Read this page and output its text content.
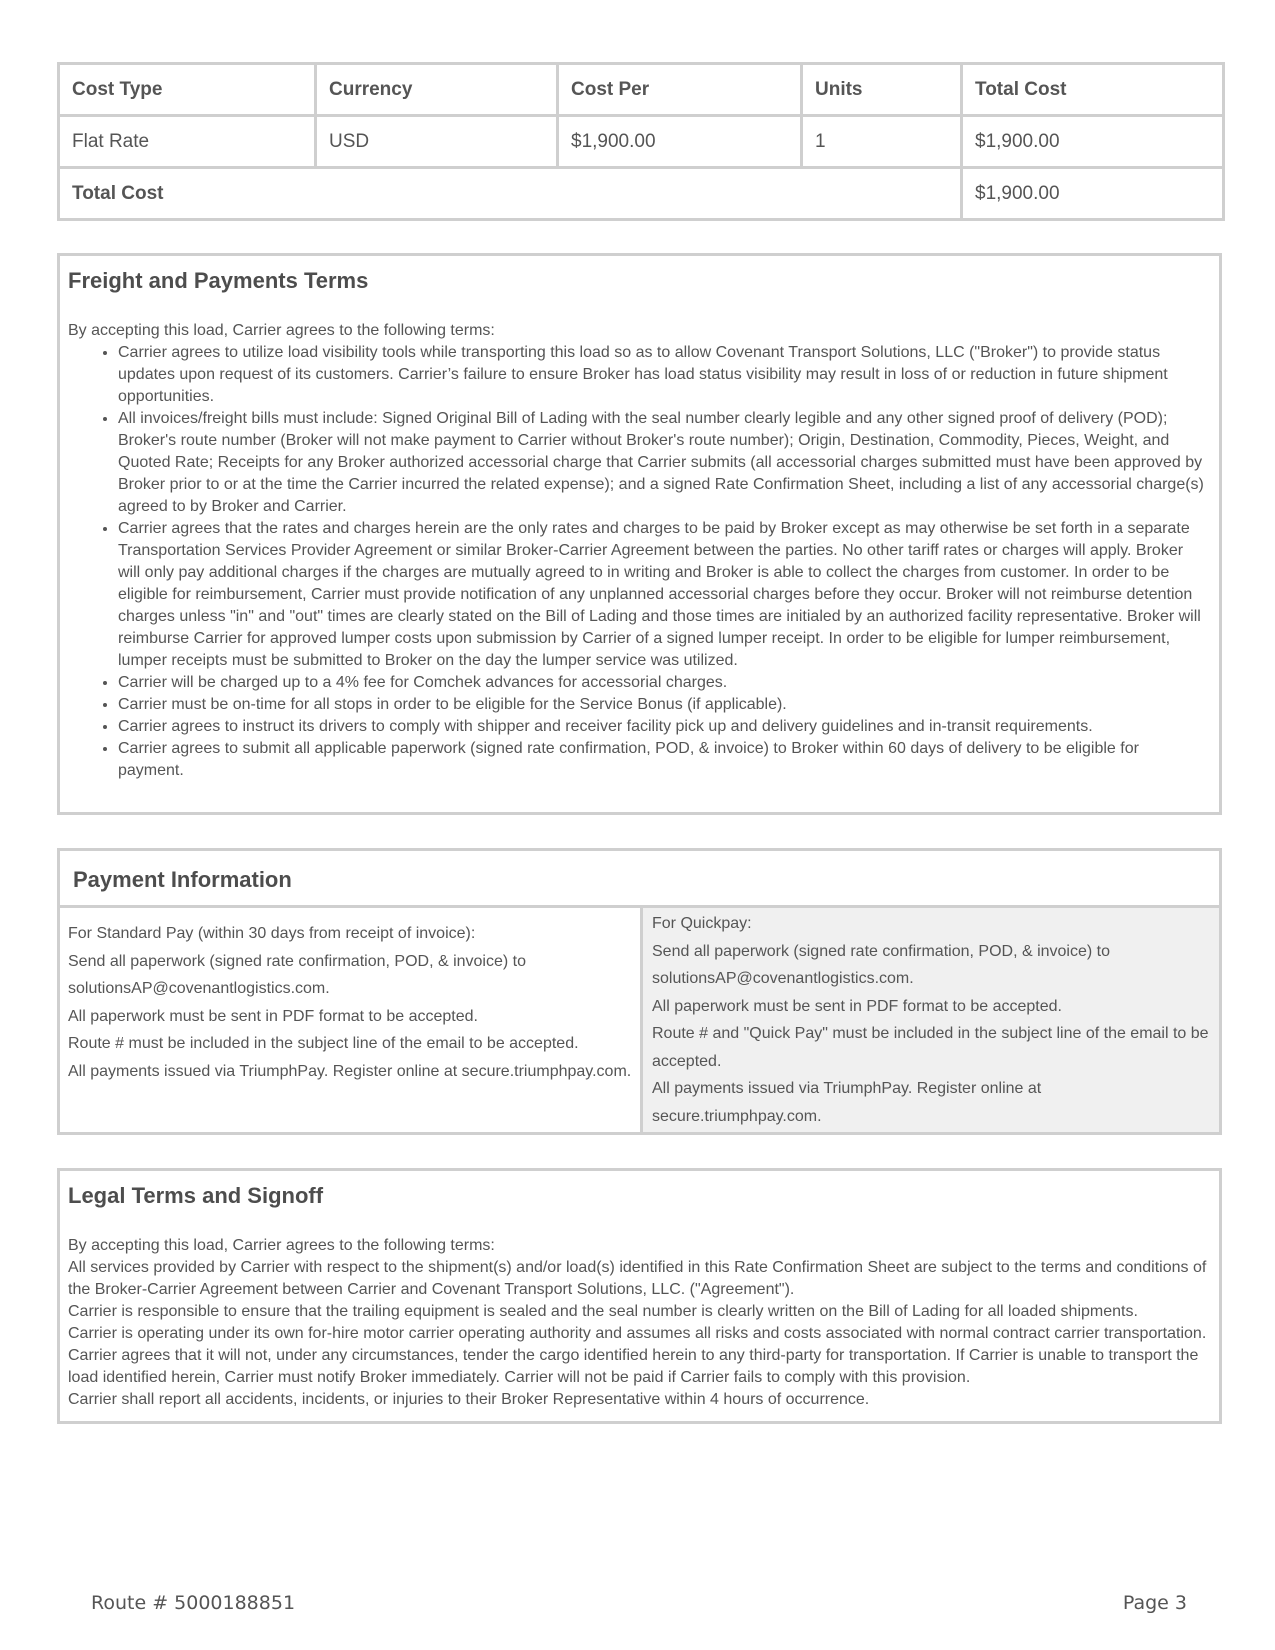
Cost Type	Currency	Cost Per	Units	Total Cost
Flat Rate	USD	$1,900.00	1	$1,900.00
Total Cost				$1,900.00
Freight and Payments Terms
By accepting this load, Carrier agrees to the following terms:
• Carrier agrees to utilize load visibility tools while transporting this load so as to allow Covenant Transport Solutions, LLC ("Broker") to provide status updates upon request of its customers. Carrier’s failure to ensure Broker has load status visibility may result in loss of or reduction in future shipment opportunities.
• All invoices/freight bills must include: Signed Original Bill of Lading with the seal number clearly legible and any other signed proof of delivery (POD); Broker's route number (Broker will not make payment to Carrier without Broker's route number); Origin, Destination, Commodity, Pieces, Weight, and Quoted Rate; Receipts for any Broker authorized accessorial charge that Carrier submits (all accessorial charges submitted must have been approved by Broker prior to or at the time the Carrier incurred the related expense); and a signed Rate Confirmation Sheet, including a list of any accessorial charge(s) agreed to by Broker and Carrier.
• Carrier agrees that the rates and charges herein are the only rates and charges to be paid by Broker except as may otherwise be set forth in a separate Transportation Services Provider Agreement or similar Broker-Carrier Agreement between the parties. No other tariff rates or charges will apply. Broker will only pay additional charges if the charges are mutually agreed to in writing and Broker is able to collect the charges from customer. In order to be eligible for reimbursement, Carrier must provide notification of any unplanned accessorial charges before they occur. Broker will not reimburse detention charges unless "in" and "out" times are clearly stated on the Bill of Lading and those times are initialed by an authorized facility representative. Broker will reimburse Carrier for approved lumper costs upon submission by Carrier of a signed lumper receipt. In order to be eligible for lumper reimbursement, lumper receipts must be submitted to Broker on the day the lumper service was utilized.
• Carrier will be charged up to a 4% fee for Comchek advances for accessorial charges.
• Carrier must be on-time for all stops in order to be eligible for the Service Bonus (if applicable).
• Carrier agrees to instruct its drivers to comply with shipper and receiver facility pick up and delivery guidelines and in-transit requirements.
• Carrier agrees to submit all applicable paperwork (signed rate confirmation, POD, & invoice) to Broker within 60 days of delivery to be eligible for payment.
Payment Information
For Standard Pay (within 30 days from receipt of invoice):
Send all paperwork (signed rate confirmation, POD, & invoice) to solutionsAP@covenantlogistics.com.
All paperwork must be sent in PDF format to be accepted.
Route # must be included in the subject line of the email to be accepted.
All payments issued via TriumphPay. Register online at secure.triumphpay.com.
For Quickpay:
Send all paperwork (signed rate confirmation, POD, & invoice) to solutionsAP@covenantlogistics.com.
All paperwork must be sent in PDF format to be accepted.
Route # and "Quick Pay" must be included in the subject line of the email to be accepted.
All payments issued via TriumphPay. Register online at secure.triumphpay.com.
Legal Terms and Signoff

By accepting this load, Carrier agrees to the following terms:

All services provided by Carrier with respect to the shipment(s) and/or load(s) identified in this Rate Confirmation Sheet are subject to the terms and conditions of the Broker-Carrier Agreement between Carrier and Covenant Transport Solutions, LLC. ("Agreement").

Carrier is responsible to ensure that the trailing equipment is sealed and the seal number is clearly written on the Bill of Lading for all loaded shipments.

Carrier is operating under its own for-hire motor carrier operating authority and assumes all risks and costs associated with normal contract carrier transportation. Carrier agrees that it will not, under any circumstances, tender the cargo identified herein to any third-party for transportation. If Carrier is unable to transport the load identified herein, Carrier must notify Broker immediately. Carrier will not be paid if Carrier fails to comply with this provision.

Carrier shall report all accidents, incidents, or injuries to their Broker Representative within 4 hours of occurrence.

Route # 5000188851	Page 3
